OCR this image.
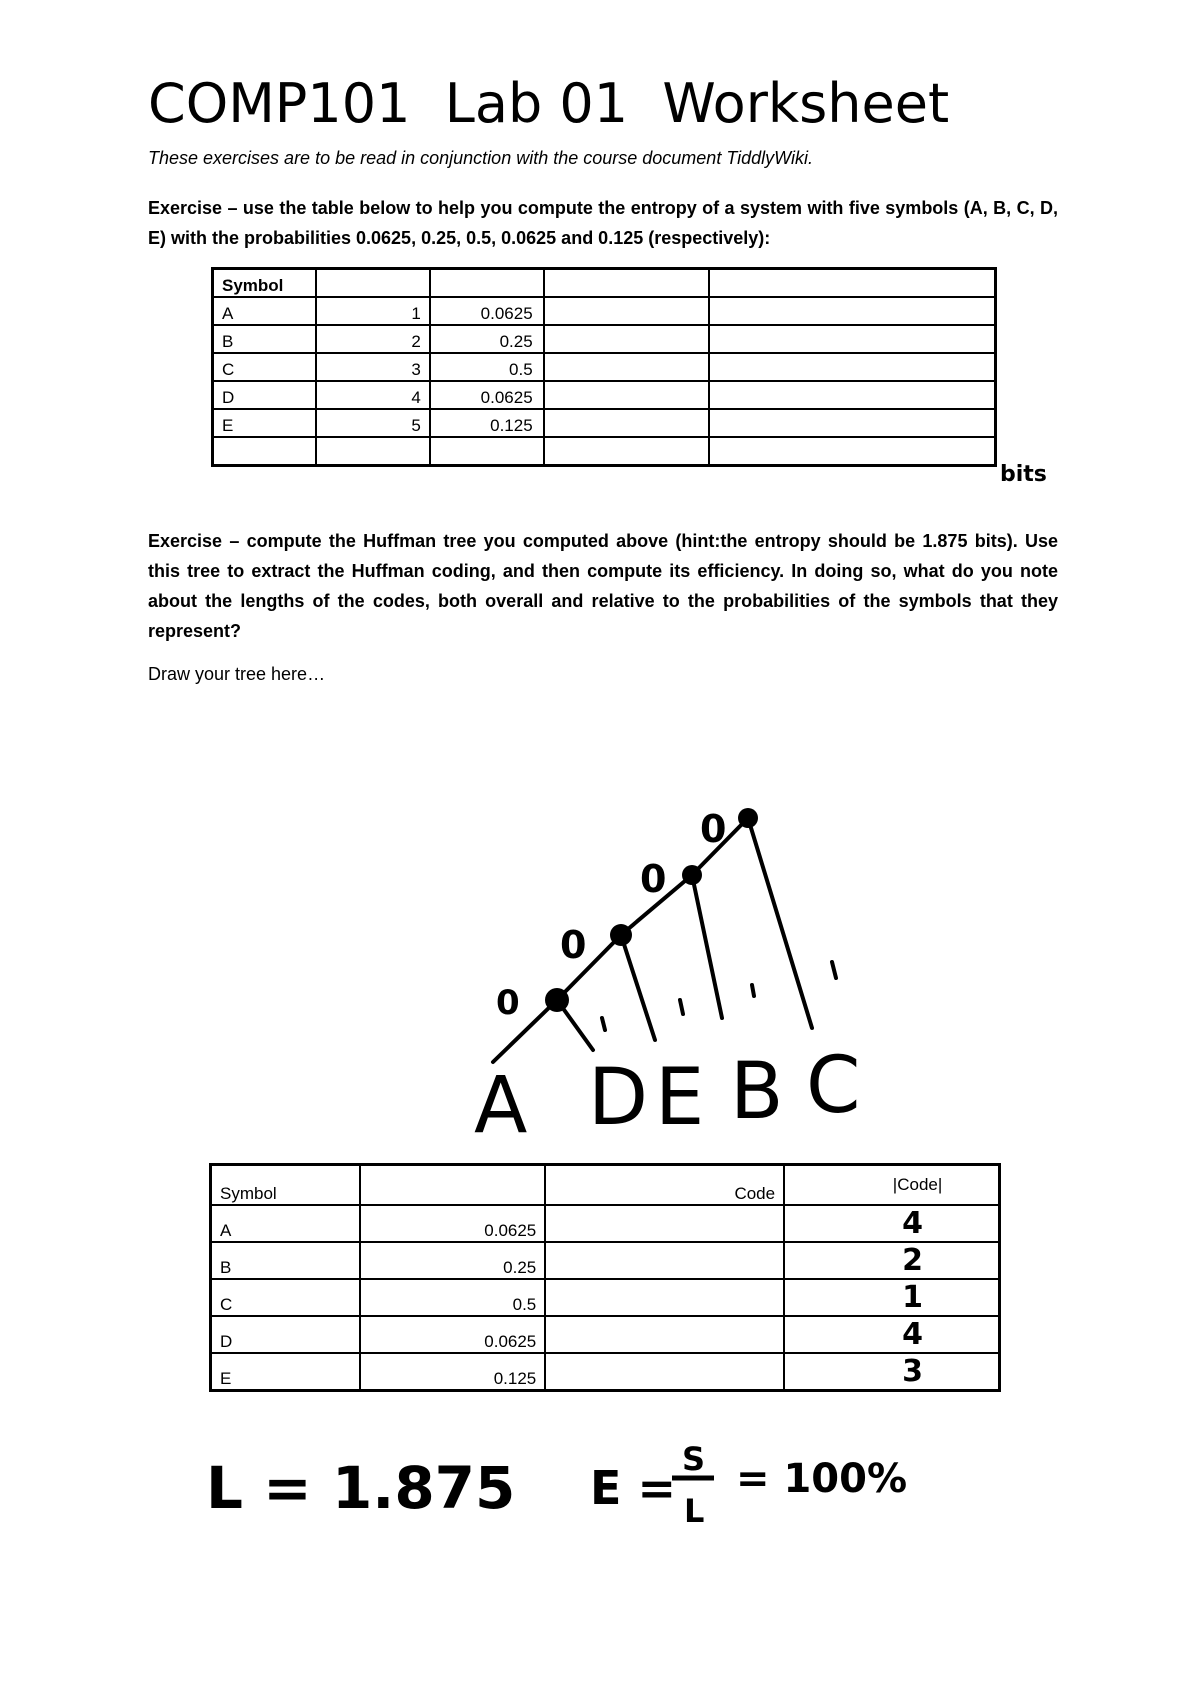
COMP101  Lab 01  Worksheet
These exercises are to be read in conjunction with the course document TiddlyWiki.
Exercise – use the table below to help you compute the entropy of a system with five symbols (A, B, C, D, E) with the probabilities 0.0625, 0.25, 0.5, 0.0625 and 0.125 (respectively):
Symbol				
A	1	0.0625		
B	2	0.25		
C	3	0.5		
D	4	0.0625		
E	5	0.125		

bits
Exercise – compute the Huffman tree you computed above (hint:the entropy should be 1.875 bits). Use this tree to extract the Huffman coding, and then compute its efficiency. In doing so, what do you note about the lengths of the codes, both overall and relative to the probabilities of the symbols that they represent?
Draw your tree here…
0
0
0
0
A D E B C
Symbol		Code	|Code|
A	0.0625		4
B	0.25		2
C	0.5		1
D	0.0625		4
E	0.125		3
L = 1.875 E =
S
L
= 100%
